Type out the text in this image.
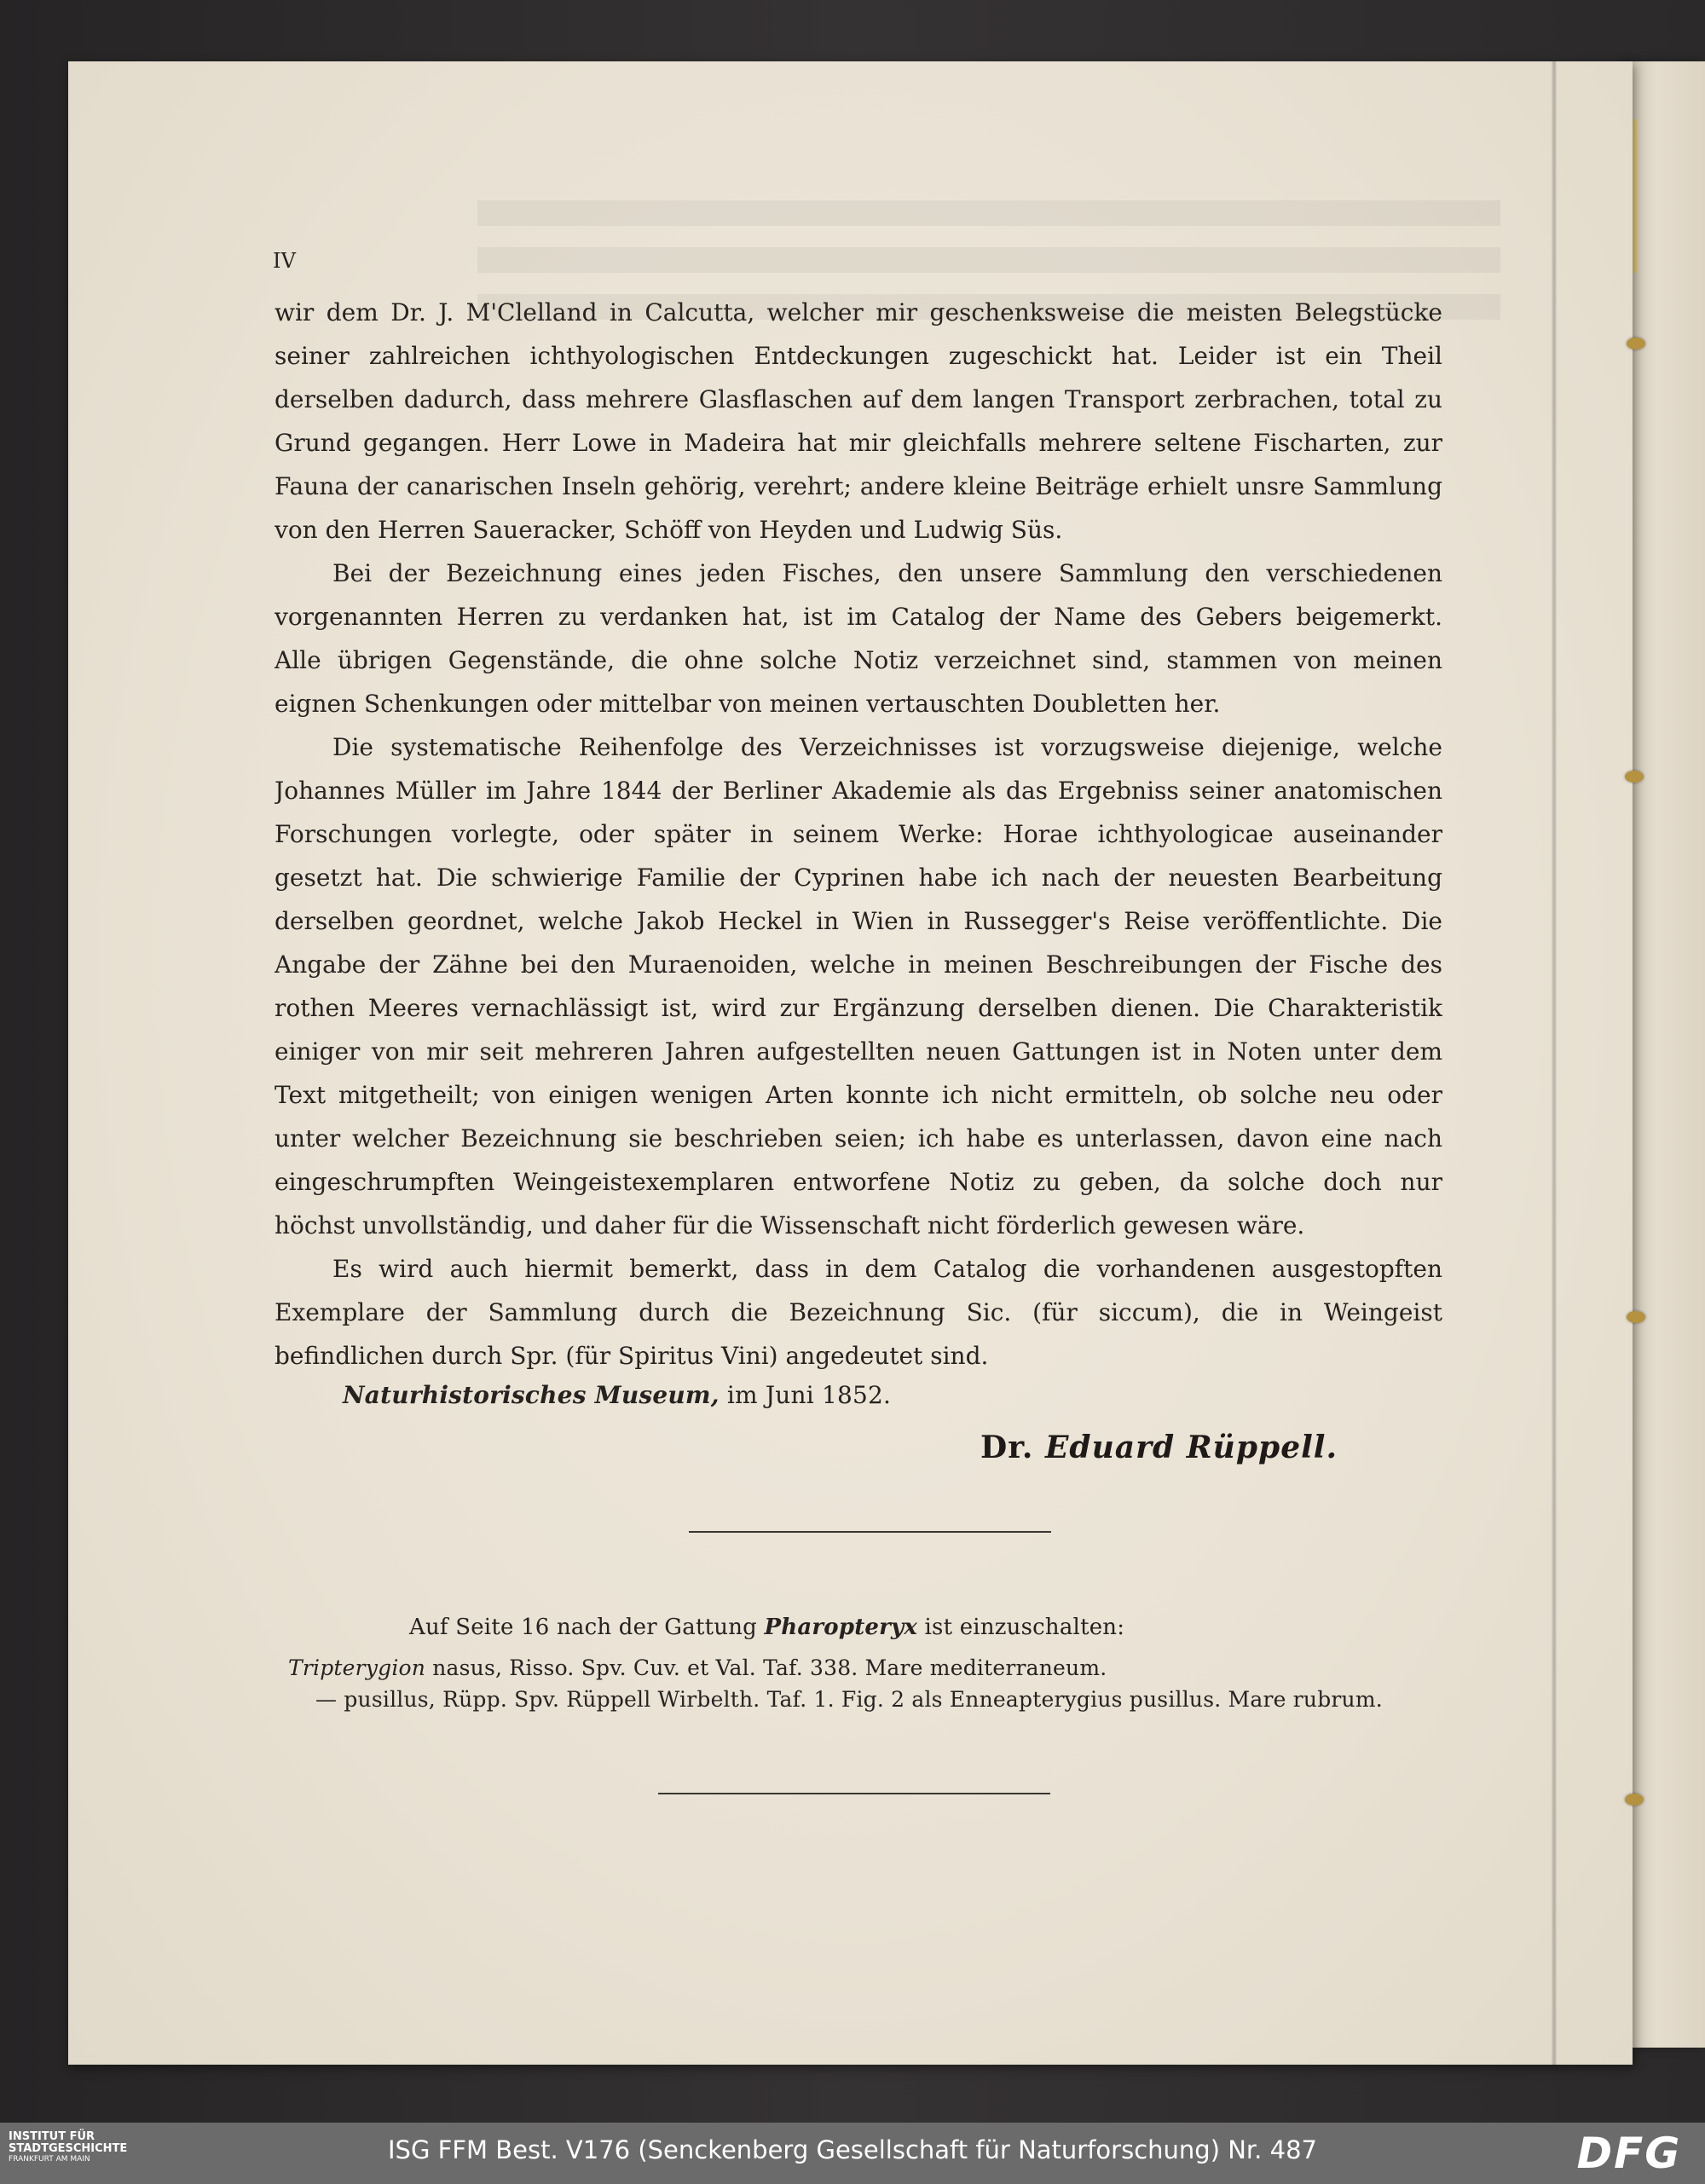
IV
wir dem Dr. J. M'Clelland in Calcutta, welcher mir geschenksweise die meisten Belegstücke
seiner zahlreichen ichthyologischen Entdeckungen zugeschickt hat. Leider ist ein Theil
derselben dadurch, dass mehrere Glasflaschen auf dem langen Transport zerbrachen, total zu
Grund gegangen. Herr Lowe in Madeira hat mir gleichfalls mehrere seltene Fischarten, zur
Fauna der canarischen Inseln gehörig, verehrt; andere kleine Beiträge erhielt unsre Sammlung
von den Herren Saueracker, Schöff von Heyden und Ludwig Süs.
Bei der Bezeichnung eines jeden Fisches, den unsere Sammlung den verschiedenen
vorgenannten Herren zu verdanken hat, ist im Catalog der Name des Gebers beigemerkt.
Alle übrigen Gegenstände, die ohne solche Notiz verzeichnet sind, stammen von meinen
eignen Schenkungen oder mittelbar von meinen vertauschten Doubletten her.
Die systematische Reihenfolge des Verzeichnisses ist vorzugsweise diejenige, welche
Johannes Müller im Jahre 1844 der Berliner Akademie als das Ergebniss seiner anatomischen
Forschungen vorlegte, oder später in seinem Werke: Horae ichthyologicae auseinander
gesetzt hat. Die schwierige Familie der Cyprinen habe ich nach der neuesten Bearbeitung
derselben geordnet, welche Jakob Heckel in Wien in Russegger's Reise veröffentlichte. Die
Angabe der Zähne bei den Muraenoiden, welche in meinen Beschreibungen der Fische des
rothen Meeres vernachlässigt ist, wird zur Ergänzung derselben dienen. Die Charakteristik
einiger von mir seit mehreren Jahren aufgestellten neuen Gattungen ist in Noten unter dem
Text mitgetheilt; von einigen wenigen Arten konnte ich nicht ermitteln, ob solche neu oder
unter welcher Bezeichnung sie beschrieben seien; ich habe es unterlassen, davon eine nach
eingeschrumpften Weingeistexemplaren entworfene Notiz zu geben, da solche doch nur
höchst unvollständig, und daher für die Wissenschaft nicht förderlich gewesen wäre.
Es wird auch hiermit bemerkt, dass in dem Catalog die vorhandenen ausgestopften
Exemplare der Sammlung durch die Bezeichnung Sic. (für siccum), die in Weingeist
befindlichen durch Spr. (für Spiritus Vini) angedeutet sind.
Naturhistorisches Museum, im Juni 1852.
Dr. Eduard Rüppell.
Auf Seite 16 nach der Gattung Pharopteryx ist einzuschalten:
Tripterygion nasus, Risso. Spv. Cuv. et Val. Taf. 338. Mare mediterraneum.
— pusillus, Rüpp. Spv. Rüppell Wirbelth. Taf. 1. Fig. 2 als Enneapterygius pusillus. Mare rubrum.
INSTITUT FÜR
STADTGESCHICHTE
FRANKFURT AM MAIN	ISG FFM Best. V176 (Senckenberg Gesellschaft für Naturforschung) Nr. 487	DFG
